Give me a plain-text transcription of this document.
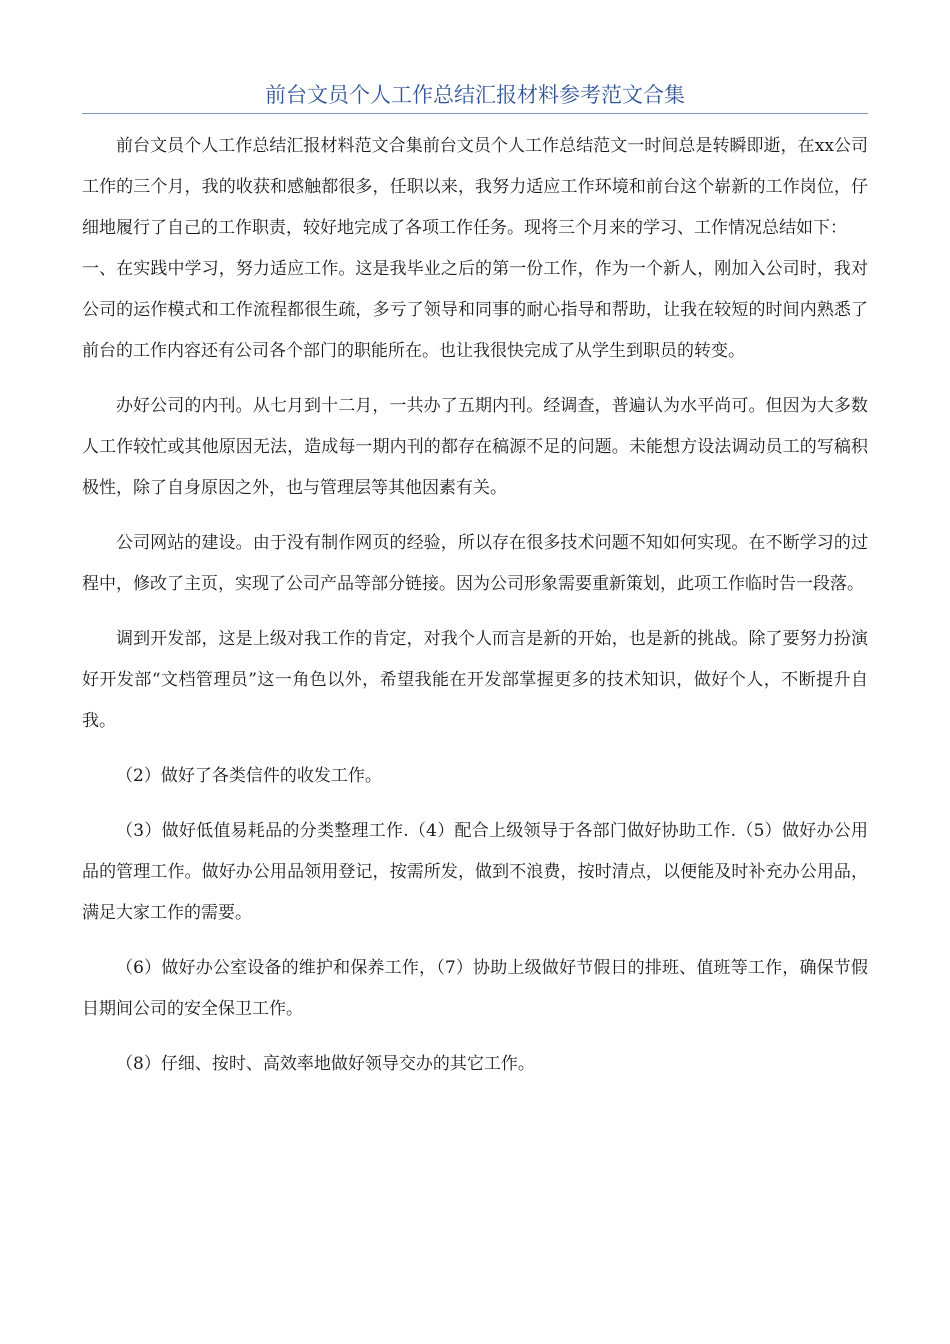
前台文员个人工作总结汇报材料参考范文合集

前台文员个人工作总结汇报材料范文合集前台文员个人工作总结范文一时间总是转瞬即逝，在xx公司工作的三个月，我的收获和感触都很多，任职以来，我努力适应工作环境和前台这个崭新的工作岗位，仔细地履行了自己的工作职责，较好地完成了各项工作任务。现将三个月来的学习、工作情况总结如下：

一、在实践中学习，努力适应工作。这是我毕业之后的第一份工作，作为一个新人，刚加入公司时，我对公司的运作模式和工作流程都很生疏，多亏了领导和同事的耐心指导和帮助，让我在较短的时间内熟悉了前台的工作内容还有公司各个部门的职能所在。也让我很快完成了从学生到职员的转变。

办好公司的内刊。从七月到十二月，一共办了五期内刊。经调查，普遍认为水平尚可。但因为大多数人工作较忙或其他原因无法，造成每一期内刊的都存在稿源不足的问题。未能想方设法调动员工的写稿积极性，除了自身原因之外，也与管理层等其他因素有关。

公司网站的建设。由于没有制作网页的经验，所以存在很多技术问题不知如何实现。在不断学习的过程中，修改了主页，实现了公司产品等部分链接。因为公司形象需要重新策划，此项工作临时告一段落。

调到开发部，这是上级对我工作的肯定，对我个人而言是新的开始，也是新的挑战。除了要努力扮演好开发部“文档管理员”这一角色以外，希望我能在开发部掌握更多的技术知识，做好个人，不断提升自我。

（2）做好了各类信件的收发工作。

（3）做好低值易耗品的分类整理工作.（4）配合上级领导于各部门做好协助工作.（5）做好办公用品的管理工作。做好办公用品领用登记，按需所发，做到不浪费，按时清点，以便能及时补充办公用品，满足大家工作的需要。

（6）做好办公室设备的维护和保养工作，（7）协助上级做好节假日的排班、值班等工作，确保节假日期间公司的安全保卫工作。

（8）仔细、按时、高效率地做好领导交办的其它工作。
